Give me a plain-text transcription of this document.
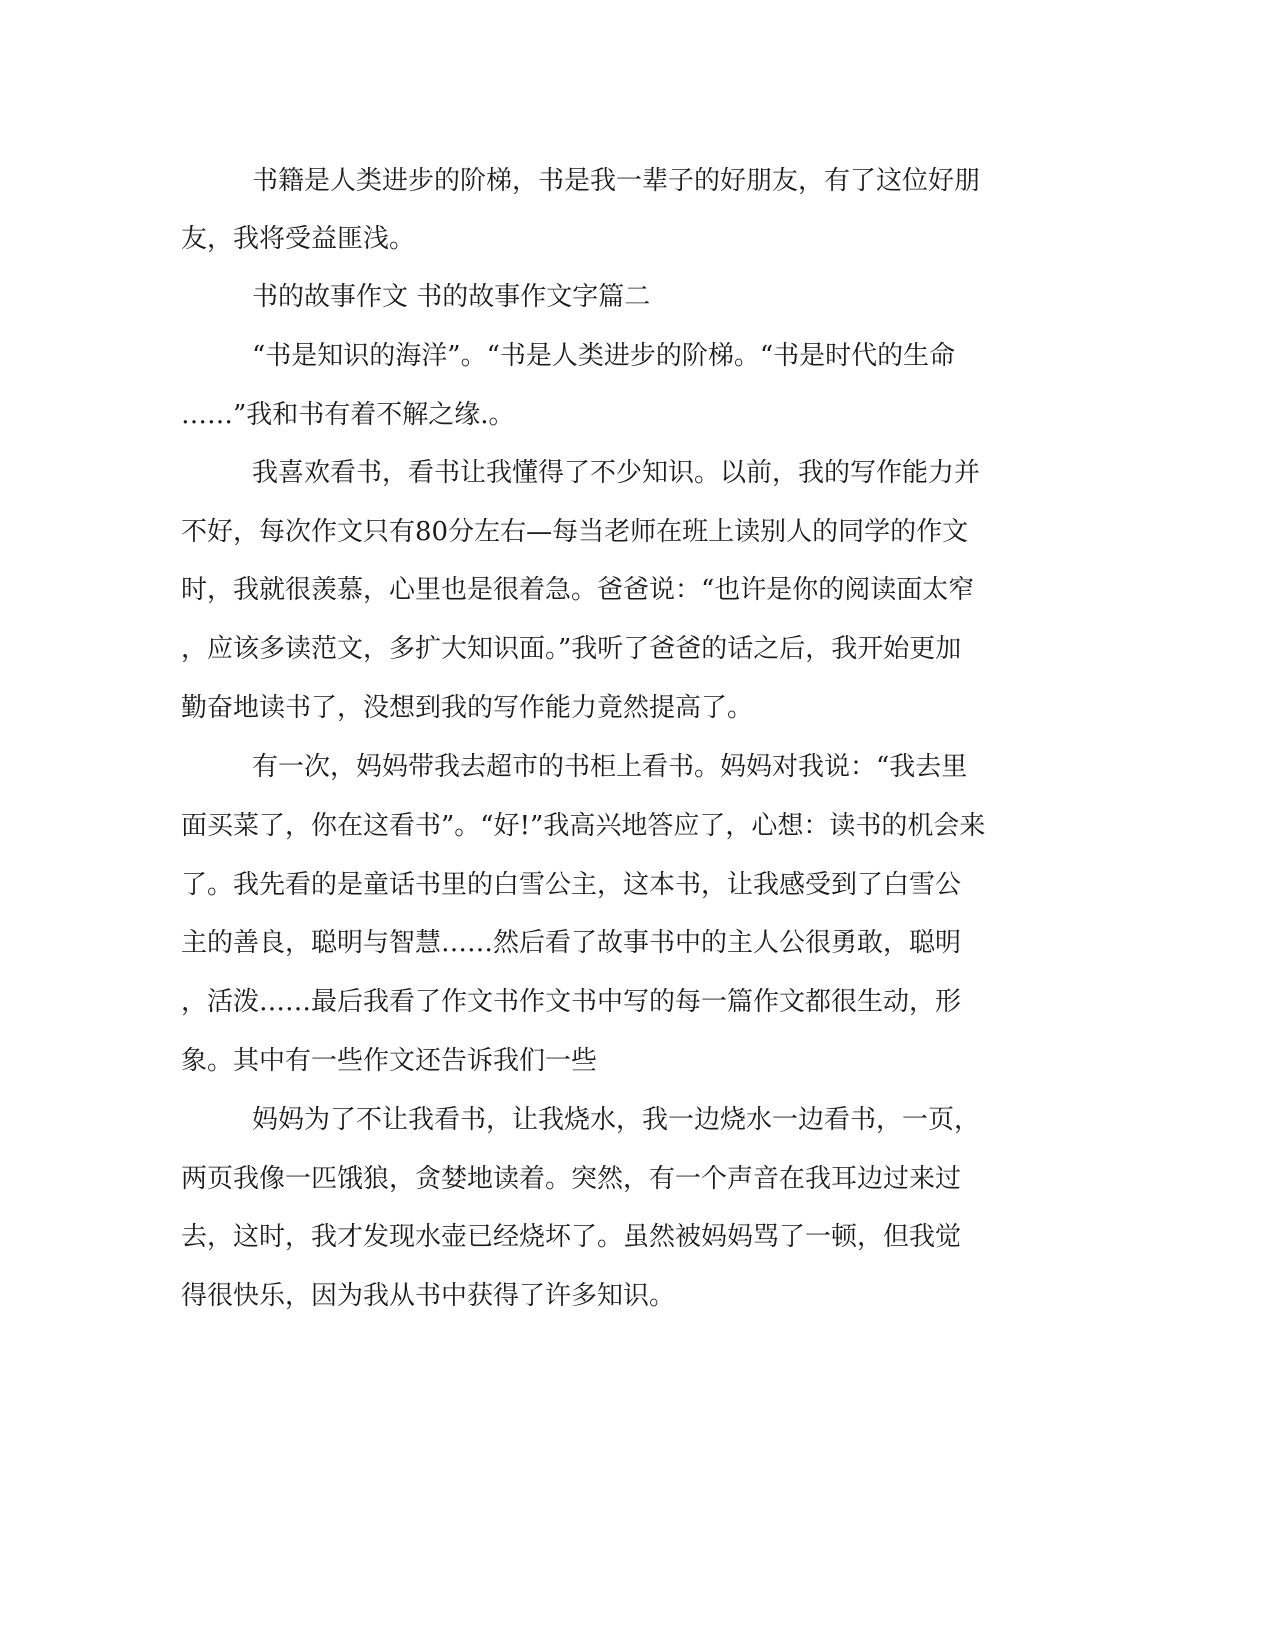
书籍是人类进步的阶梯，书是我一辈子的好朋友，有了这位好朋
友，我将受益匪浅。
书的故事作文 书的故事作文字篇二
“书是知识的海洋”。“书是人类进步的阶梯。“书是时代的生命
……”我和书有着不解之缘.。
我喜欢看书，看书让我懂得了不少知识。以前，我的写作能力并
不好，每次作文只有80分左右—每当老师在班上读别人的同学的作文
时，我就很羡慕，心里也是很着急。爸爸说：“也许是你的阅读面太窄
，应该多读范文，多扩大知识面。”我听了爸爸的话之后，我开始更加
勤奋地读书了，没想到我的写作能力竟然提高了。
有一次，妈妈带我去超市的书柜上看书。妈妈对我说：“我去里
面买菜了，你在这看书”。“好!”我高兴地答应了，心想：读书的机会来
了。我先看的是童话书里的白雪公主，这本书，让我感受到了白雪公
主的善良，聪明与智慧……然后看了故事书中的主人公很勇敢，聪明
，活泼……最后我看了作文书作文书中写的每一篇作文都很生动，形
象。其中有一些作文还告诉我们一些
妈妈为了不让我看书，让我烧水，我一边烧水一边看书，一页，
两页我像一匹饿狼，贪婪地读着。突然，有一个声音在我耳边过来过
去，这时，我才发现水壶已经烧坏了。虽然被妈妈骂了一顿，但我觉
得很快乐，因为我从书中获得了许多知识。
